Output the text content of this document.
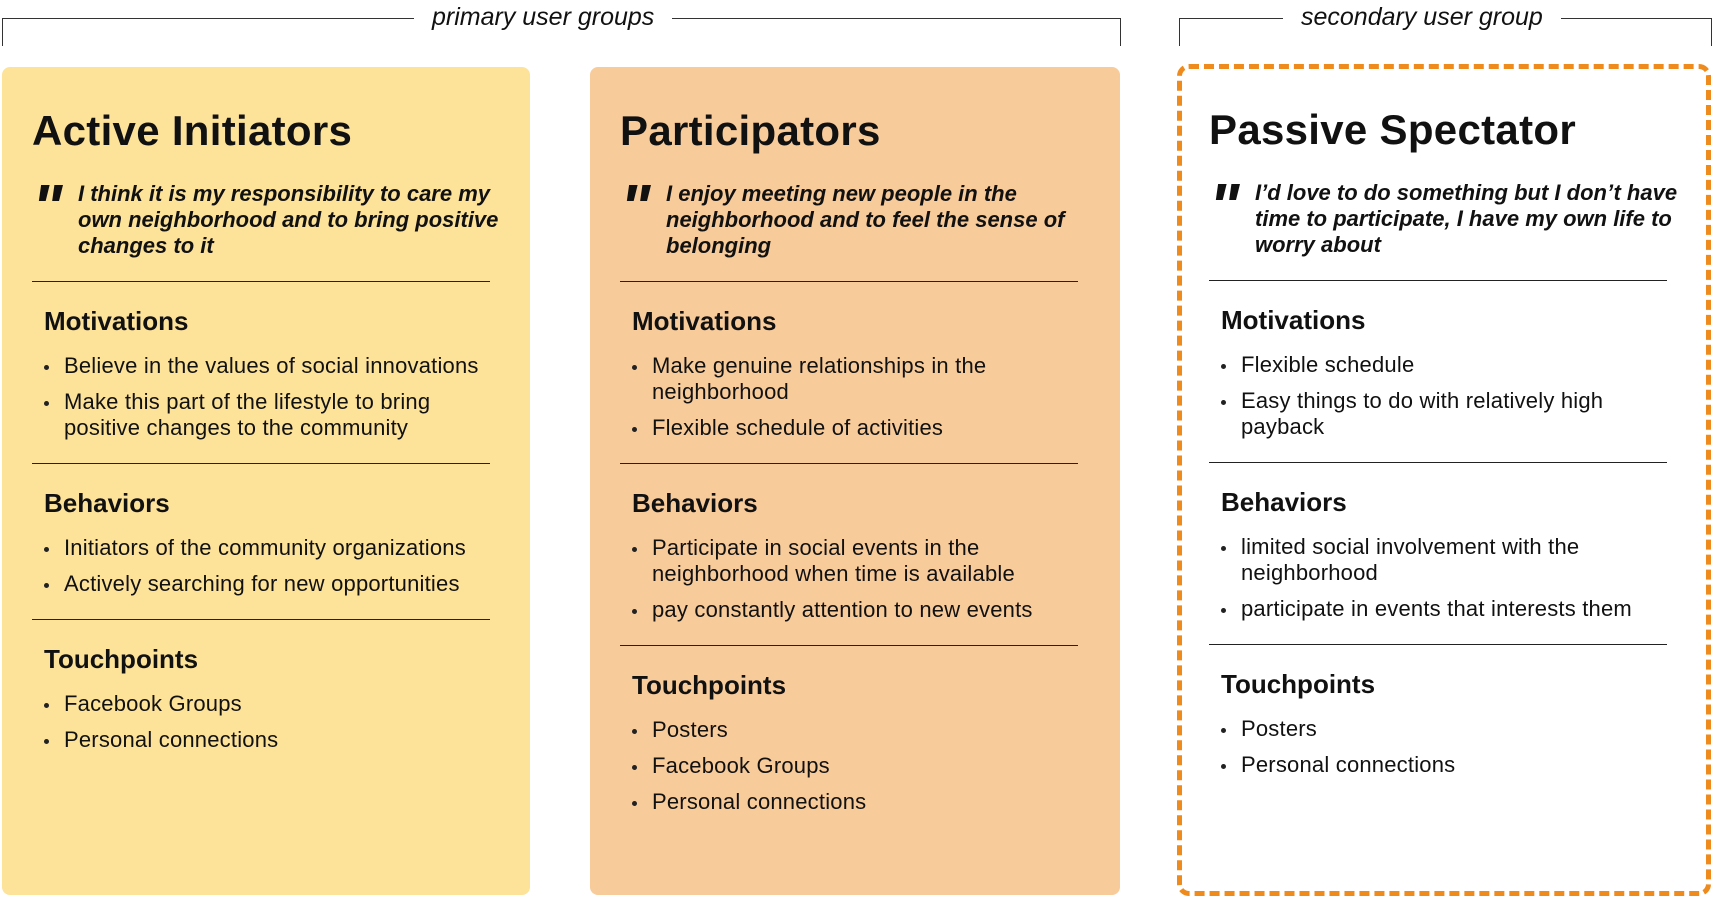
primary user groups	secondary user group
Active Initiators
" I think it is my responsibility to care my own neighborhood and to bring positive changes to it
Motivations
Believe in the values of social innovations
Make this part of the lifestyle to bring positive changes to the community
Behaviors
Initiators of the community organizations
Actively searching for new opportunities
Touchpoints
Facebook Groups
Personal connections
Participators
" I enjoy meeting new people in the neighborhood and to feel the sense of belonging
Motivations
Make genuine relationships in the neighborhood
Flexible schedule of activities
Behaviors
Participate in social events in the neighborhood when time is available
pay constantly attention to new events
Touchpoints
Posters
Facebook Groups
Personal connections
Passive Spectator
" I’d love to do something but I don’t have time to participate, I have my own life to worry about
Motivations
Flexible schedule
Easy things to do with relatively high payback
Behaviors
limited social involvement with the neighborhood
participate in events that interests them
Touchpoints
Posters
Personal connections
